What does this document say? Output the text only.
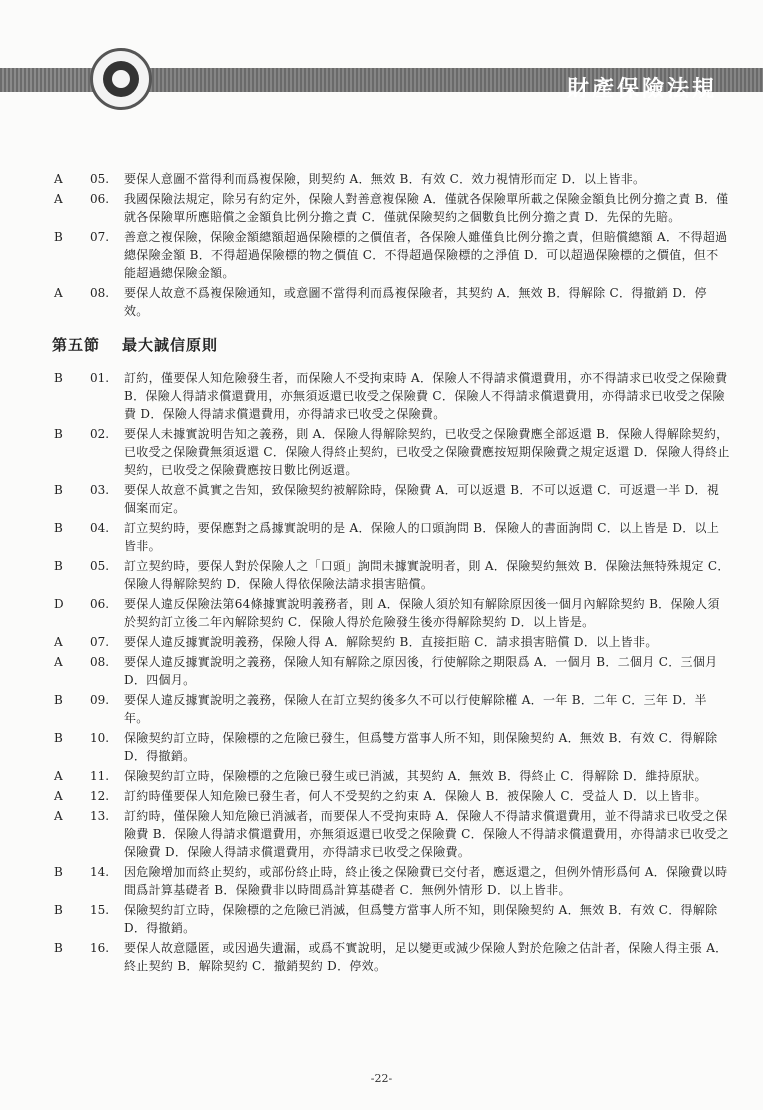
財產保險法規
A	05.	要保人意圖不當得利而爲複保險，則契約 A．無效 B．有效 C．效力視情形而定 D．以上皆非。
A	06.	我國保險法規定，除另有約定外，保險人對善意複保險 A．僅就各保險單所載之保險金額負比例分擔之責 B．僅就各保險單所應賠償之金額負比例分擔之責 C．僅就保險契約之個數負比例分擔之責 D．先保的先賠。
B	07.	善意之複保險，保險金額總額超過保險標的之價值者，各保險人雖僅負比例分擔之責，但賠償總額 A．不得超過總保險金額 B．不得超過保險標的物之價值 C．不得超過保險標的之淨值 D．可以超過保險標的之價值，但不能超過總保險金額。
A	08.	要保人故意不爲複保險通知，或意圖不當得利而爲複保險者，其契約 A．無效 B．得解除 C．得撤銷 D．停效。
第五節 最大誠信原則
B	01.	訂約，僅要保人知危險發生者，而保險人不受拘束時 A．保險人不得請求償還費用，亦不得請求已收受之保險費 B．保險人得請求償還費用，亦無須返還已收受之保險費 C．保險人不得請求償還費用，亦得請求已收受之保險費 D．保險人得請求償還費用，亦得請求已收受之保險費。
B	02.	要保人未據實說明告知之義務，則 A．保險人得解除契約，已收受之保險費應全部返還 B．保險人得解除契約，已收受之保險費無須返還 C．保險人得終止契約，已收受之保險費應按短期保險費之規定返還 D．保險人得終止契約，已收受之保險費應按日數比例返還。
B	03.	要保人故意不眞實之告知，致保險契約被解除時，保險費 A．可以返還 B．不可以返還 C．可返還一半 D．視個案而定。
B	04.	訂立契約時，要保應對之爲據實說明的是 A．保險人的口頭詢問 B．保險人的書面詢問 C．以上皆是 D．以上皆非。
B	05.	訂立契約時，要保人對於保險人之「口頭」詢問未據實說明者，則 A．保險契約無效 B．保險法無特殊規定 C．保險人得解除契約 D．保險人得依保險法請求損害賠償。
D	06.	要保人違反保險法第64條據實說明義務者，則 A．保險人須於知有解除原因後一個月內解除契約 B．保險人須於契約訂立後二年內解除契約 C．保險人得於危險發生後亦得解除契約 D．以上皆是。
A	07.	要保人違反據實說明義務，保險人得 A．解除契約 B．直接拒賠 C．請求損害賠償 D．以上皆非。
A	08.	要保人違反據實說明之義務，保險人知有解除之原因後，行使解除之期限爲 A．一個月 B．二個月 C．三個月 D．四個月。
B	09.	要保人違反據實說明之義務，保險人在訂立契約後多久不可以行使解除權 A．一年 B．二年 C．三年 D．半年。
B	10.	保險契約訂立時，保險標的之危險已發生，但爲雙方當事人所不知，則保險契約 A．無效 B．有效 C．得解除 D．得撤銷。
A	11.	保險契約訂立時，保險標的之危險已發生或已消滅，其契約 A．無效 B．得終止 C．得解除 D．維持原狀。
A	12.	訂約時僅要保人知危險已發生者，何人不受契約之約束 A．保險人 B．被保險人 C．受益人 D．以上皆非。
A	13.	訂約時，僅保險人知危險已消滅者，而要保人不受拘束時 A．保險人不得請求償還費用，並不得請求已收受之保險費 B．保險人得請求償還費用，亦無須返還已收受之保險費 C．保險人不得請求償還費用，亦得請求已收受之保險費 D．保險人得請求償還費用，亦得請求已收受之保險費。
B	14.	因危險增加而終止契約，或部份終止時，終止後之保險費已交付者，應返還之，但例外情形爲何 A．保險費以時間爲計算基礎者 B．保險費非以時間爲計算基礎者 C．無例外情形 D．以上皆非。
B	15.	保險契約訂立時，保險標的之危險已消滅，但爲雙方當事人所不知，則保險契約 A．無效 B．有效 C．得解除 D．得撤銷。
B	16.	要保人故意隱匿，或因過失遺漏，或爲不實說明，足以變更或減少保險人對於危險之估計者，保險人得主張 A．終止契約 B．解除契約 C．撤銷契約 D．停效。
-22-
